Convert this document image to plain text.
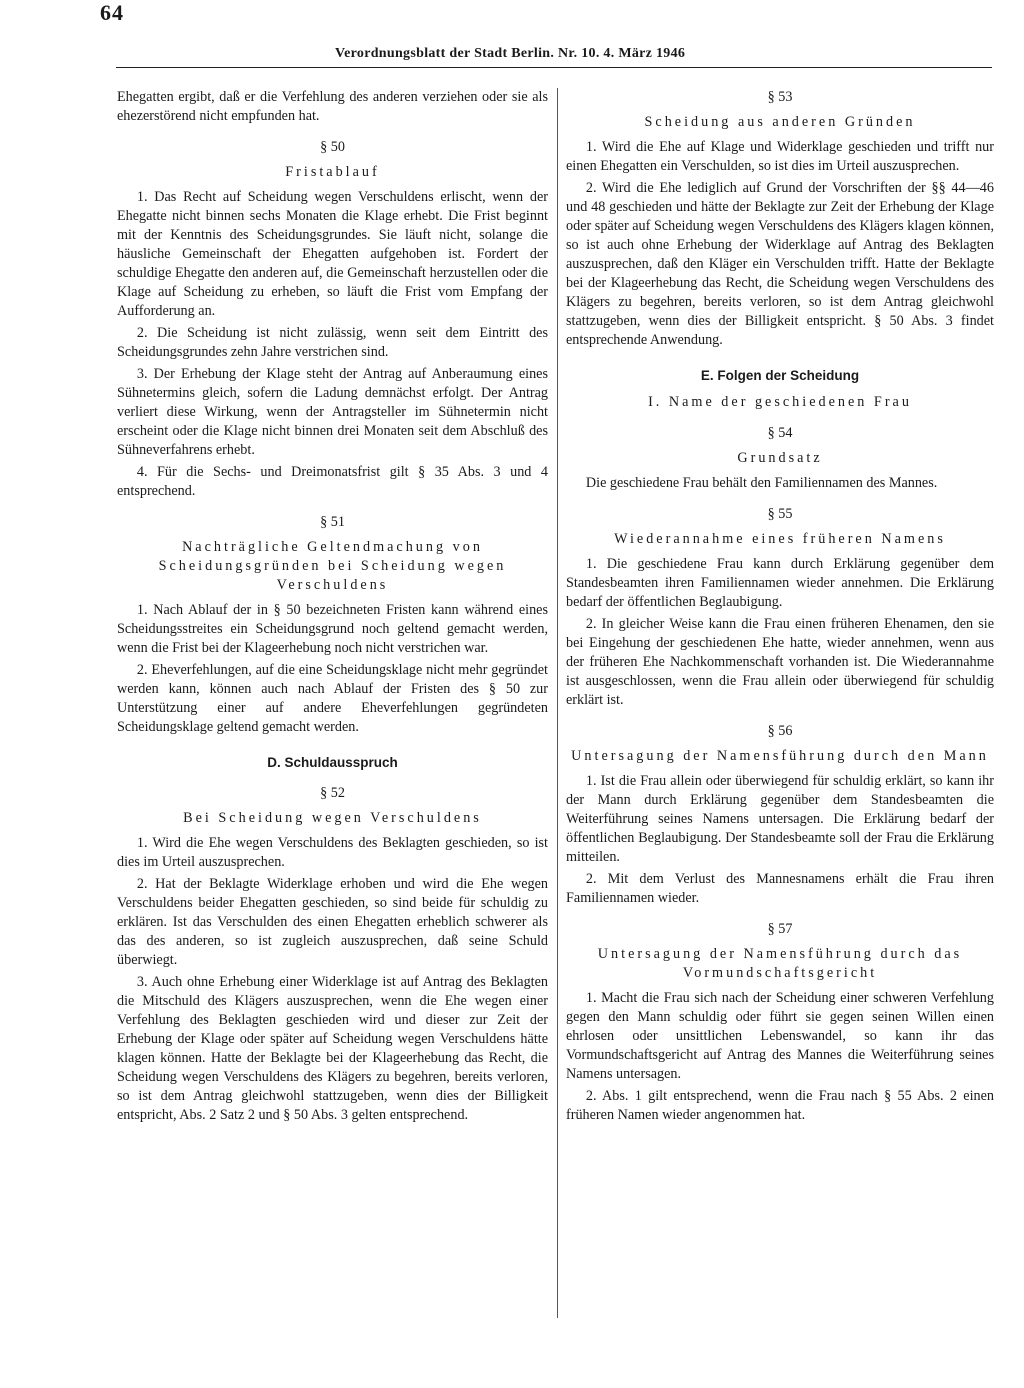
64
Verordnungsblatt der Stadt Berlin. Nr. 10. 4. März 1946

Ehegatten ergibt, daß er die Verfehlung des anderen verziehen oder sie als ehezerstörend nicht empfunden hat.

§ 50
Fristablauf

1. Das Recht auf Scheidung wegen Verschuldens erlischt, wenn der Ehegatte nicht binnen sechs Monaten die Klage erhebt. Die Frist beginnt mit der Kenntnis des Scheidungsgrundes. Sie läuft nicht, solange die häusliche Gemeinschaft der Ehegatten aufgehoben ist. Fordert der schuldige Ehegatte den anderen auf, die Gemeinschaft herzustellen oder die Klage auf Scheidung zu erheben, so läuft die Frist vom Empfang der Aufforderung an.

2. Die Scheidung ist nicht zulässig, wenn seit dem Eintritt des Scheidungsgrundes zehn Jahre verstrichen sind.

3. Der Erhebung der Klage steht der Antrag auf Anberaumung eines Sühnetermins gleich, sofern die Ladung demnächst erfolgt. Der Antrag verliert diese Wirkung, wenn der Antragsteller im Sühnetermin nicht erscheint oder die Klage nicht binnen drei Monaten seit dem Abschluß des Sühneverfahrens erhebt.

4. Für die Sechs- und Dreimonatsfrist gilt § 35 Abs. 3 und 4 entsprechend.

§ 51
Nachträgliche Geltendmachung von Scheidungsgründen bei Scheidung wegen Verschuldens

1. Nach Ablauf der in § 50 bezeichneten Fristen kann während eines Scheidungsstreites ein Scheidungsgrund noch geltend gemacht werden, wenn die Frist bei der Klageerhebung noch nicht verstrichen war.

2. Eheverfehlungen, auf die eine Scheidungsklage nicht mehr gegründet werden kann, können auch nach Ablauf der Fristen des § 50 zur Unterstützung einer auf andere Eheverfehlungen gegründeten Scheidungsklage geltend gemacht werden.

D. Schuldausspruch
§ 52
Bei Scheidung wegen Verschuldens

1. Wird die Ehe wegen Verschuldens des Beklagten geschieden, so ist dies im Urteil auszusprechen.

2. Hat der Beklagte Widerklage erhoben und wird die Ehe wegen Verschuldens beider Ehegatten geschieden, so sind beide für schuldig zu erklären. Ist das Verschulden des einen Ehegatten erheblich schwerer als das des anderen, so ist zugleich auszusprechen, daß seine Schuld überwiegt.

3. Auch ohne Erhebung einer Widerklage ist auf Antrag des Beklagten die Mitschuld des Klägers auszusprechen, wenn die Ehe wegen einer Verfehlung des Beklagten geschieden wird und dieser zur Zeit der Erhebung der Klage oder später auf Scheidung wegen Verschuldens hätte klagen können. Hatte der Beklagte bei der Klageerhebung das Recht, die Scheidung wegen Verschuldens des Klägers zu begehren, bereits verloren, so ist dem Antrag gleichwohl stattzugeben, wenn dies der Billigkeit entspricht, Abs. 2 Satz 2 und § 50 Abs. 3 gelten entsprechend.

§ 53
Scheidung aus anderen Gründen

1. Wird die Ehe auf Klage und Widerklage geschieden und trifft nur einen Ehegatten ein Verschulden, so ist dies im Urteil auszusprechen.

2. Wird die Ehe lediglich auf Grund der Vorschriften der §§ 44—46 und 48 geschieden und hätte der Beklagte zur Zeit der Erhebung der Klage oder später auf Scheidung wegen Verschuldens des Klägers klagen können, so ist auch ohne Erhebung der Widerklage auf Antrag des Beklagten auszusprechen, daß den Kläger ein Verschulden trifft. Hatte der Beklagte bei der Klageerhebung das Recht, die Scheidung wegen Verschuldens des Klägers zu begehren, bereits verloren, so ist dem Antrag gleichwohl stattzugeben, wenn dies der Billigkeit entspricht. § 50 Abs. 3 findet entsprechende Anwendung.

E. Folgen der Scheidung
I. Name der geschiedenen Frau
§ 54
Grundsatz

Die geschiedene Frau behält den Familiennamen des Mannes.

§ 55
Wiederannahme eines früheren Namens

1. Die geschiedene Frau kann durch Erklärung gegenüber dem Standesbeamten ihren Familiennamen wieder annehmen. Die Erklärung bedarf der öffentlichen Beglaubigung.

2. In gleicher Weise kann die Frau einen früheren Ehenamen, den sie bei Eingehung der geschiedenen Ehe hatte, wieder annehmen, wenn aus der früheren Ehe Nachkommenschaft vorhanden ist. Die Wiederannahme ist ausgeschlossen, wenn die Frau allein oder überwiegend für schuldig erklärt ist.

§ 56
Untersagung der Namensführung durch den Mann

1. Ist die Frau allein oder überwiegend für schuldig erklärt, so kann ihr der Mann durch Erklärung gegenüber dem Standesbeamten die Weiterführung seines Namens untersagen. Die Erklärung bedarf der öffentlichen Beglaubigung. Der Standesbeamte soll der Frau die Erklärung mitteilen.

2. Mit dem Verlust des Mannesnamens erhält die Frau ihren Familiennamen wieder.

§ 57
Untersagung der Namensführung durch das Vormundschaftsgericht

1. Macht die Frau sich nach der Scheidung einer schweren Verfehlung gegen den Mann schuldig oder führt sie gegen seinen Willen einen ehrlosen oder unsittlichen Lebenswandel, so kann ihr das Vormundschaftsgericht auf Antrag des Mannes die Weiterführung seines Namens untersagen.

2. Abs. 1 gilt entsprechend, wenn die Frau nach § 55 Abs. 2 einen früheren Namen wieder angenommen hat.
